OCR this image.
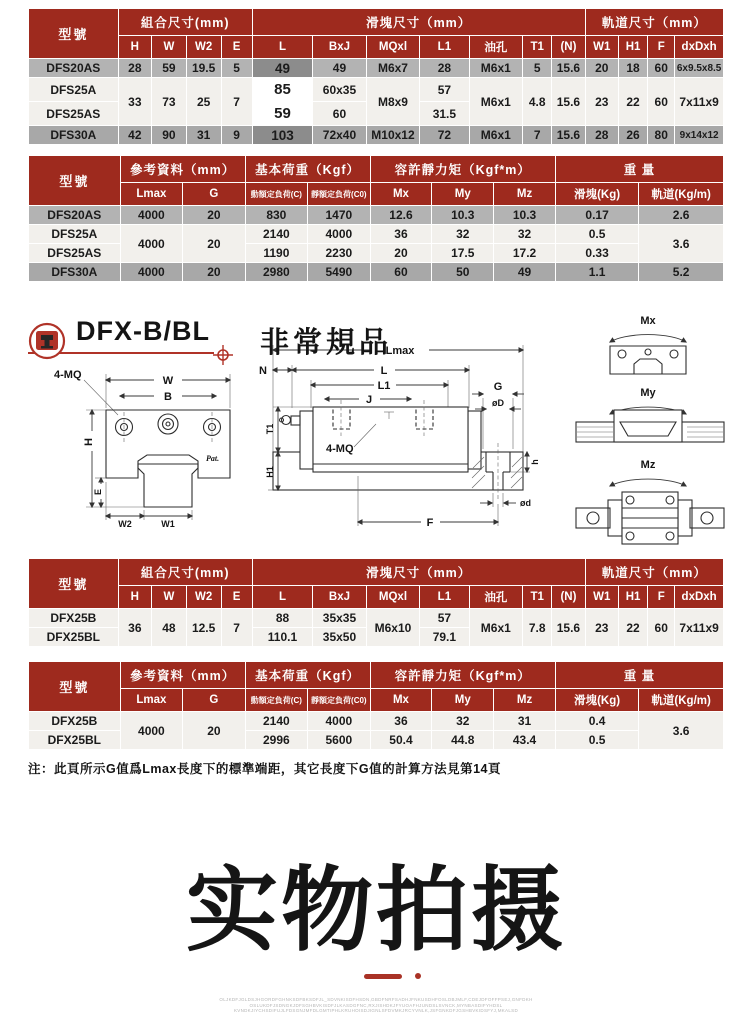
型號	組合尺寸(mm)				滑塊尺寸（mm）							軌道尺寸（mm）			
	H	W	W2	E	L	BxJ	MQxl	L1	油孔	T1	(N)	W1	H1	F	dxDxh
DFS20AS	28	59	19.5	5	49	49	M6x7	28	M6x1	5	15.6	20	18	60	6x9.5x8.5
DFS25A	33	73	25	7	85	60x35	M8x9	57	M6x1	4.8	15.6	23	22	60	7x11x9
DFS25AS					59	60		31.5							
DFS30A	42	90	31	9	103	72x40	M10x12	72	M6x1	7	15.6	28	26	80	9x14x12
型號	參考資料（mm）		基本荷重（Kgf）		容許靜力矩（Kgf*m）			重 量	
	Lmax	G	動額定負荷(C)	靜額定負荷(C0)	Mx	My	Mz	滑塊(Kg)	軌道(Kg/m)
DFS20AS	4000	20	830	1470	12.6	10.3	10.3	0.17	2.6
DFS25A	4000	20	2140	4000	36	32	32	0.5	3.6
DFS25AS			1190	2230	20	17.5	17.2	0.33	
DFS30A	4000	20	2980	5490	60	50	49	1.1	5.2
DFX-B/BL 非常規品
W
B
4-MQ
Pat.
H
E
W2	W1
Lmax
N	L
L1
J
4-MQ
T1
H1
G
øD
h
ød
F
Mx
My
Mz
型號	組合尺寸(mm)				滑塊尺寸（mm）							軌道尺寸（mm）			
	H	W	W2	E	L	BxJ	MQxl	L1	油孔	T1	(N)	W1	H1	F	dxDxh
DFX25B	36	48	12.5	7	88	35x35	M6x10	57	M6x1	7.8	15.6	23	22	60	7x11x9
DFX25BL					110.1	35x50		79.1							
型號	參考資料（mm）		基本荷重（Kgf）		容許靜力矩（Kgf*m）			重 量	
	Lmax	G	動額定負荷(C)	靜額定負荷(C0)	Mx	My	Mz	滑塊(Kg)	軌道(Kg/m)
DFX25B	4000	20	2140	4000	36	32	31	0.4	3.6
DFX25BL			2996	5600	50.4	44.8	43.4	0.5	

注：此頁所示G值爲Lmax長度下的標準端距，其它長度下G值的計算方法見第14頁

实物拍摄
OLJKDFJGLDSJHGORDFGHNKSDFBKSDFJL_SDVNKISDFHSDN,GBDFNRFSADHJFNKUSDHFOSLDBJMLF,CDEJDFOFFPSEJ,GNFDKH
OSLUKDFJSDNGKJDFSGHBVKISDFJLKASDGFNC,RXJISHDKJFYUOAFHJUNDSLSVNCK,MYNBASDIFYHDSL
KVNDKJIYCHSDIFUJLFDSGNJMFDLGMTIPHLKRUHOISDJIGNLSFDVMKJRCYVNLK,JSFGNKDFJGSHBVKIDSFYJ,MKALSD
